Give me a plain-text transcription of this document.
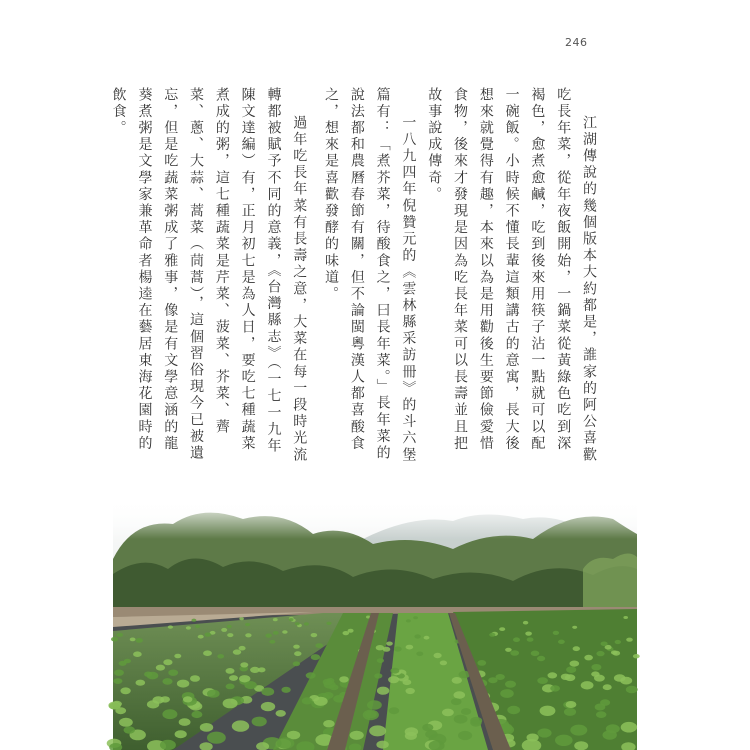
246

江湖傳說的幾個版本大約都是，誰家的阿公喜歡吃長年菜，從年夜飯開始，一鍋菜從黃綠色吃到深褐色，愈煮愈鹹，吃到後來用筷子沾一點就可以配一碗飯。小時候不懂長輩這類講古的意寓，長大後想來就覺得有趣，本來以為是用勸後生要節儉愛惜食物，後來才發現是因為吃長年菜可以長壽並且把故事說成傳奇。

一八九四年倪贊元的《雲林縣采訪冊》的斗六堡篇有：「煮芥菜，待酸食之，曰長年菜。」長年菜的說法都和農曆春節有關，但不論閩粵漢人都喜酸食之，想來是喜歡發酵的味道。

過年吃長年菜有長壽之意，大菜在每一段時光流轉都被賦予不同的意義，《台灣縣志》（一七一九年陳文達編）有，正月初七是為人日，要吃七種蔬菜煮成的粥，這七種蔬菜是芹菜、菠菜、芥菜、薺菜、蔥、大蒜、蒿菜（茼蒿），這個習俗現今已被遺忘，但是吃蔬菜粥成了雅事，像是有文學意涵的龍葵煮粥是文學家兼革命者楊逵在藝居東海花園時的飲食。
